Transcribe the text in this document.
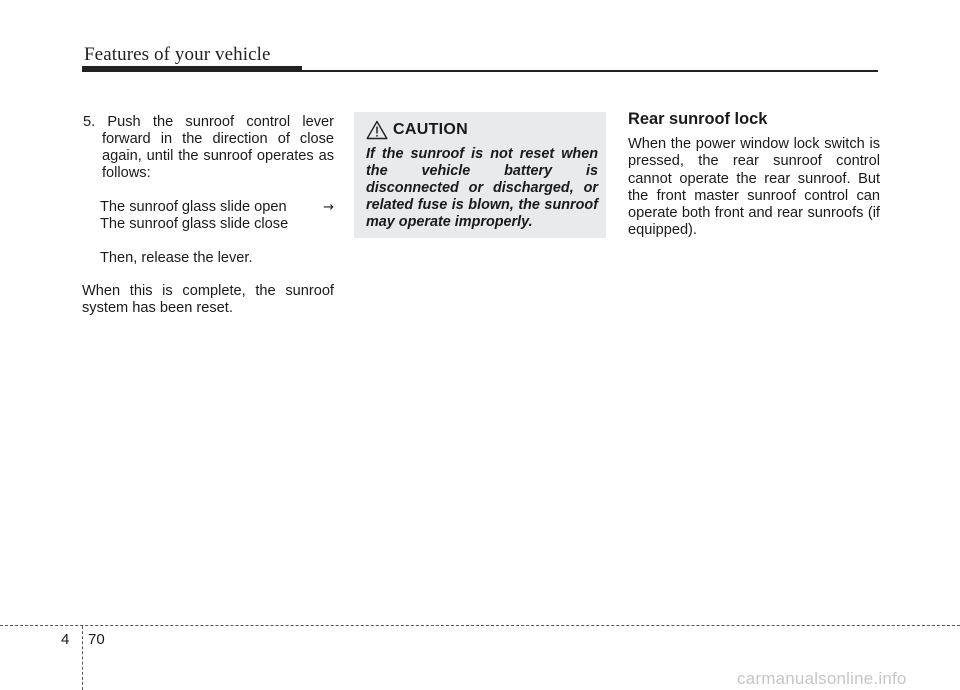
Features of your vehicle

5. Push the sunroof control lever forward in the direction of close again, until the sunroof operates as follows:

The sunroof glass slide open	→
The sunroof glass slide close

Then, release the lever.

When this is complete, the sunroof system has been reset.

CAUTION
If the sunroof is not reset when the vehicle battery is disconnected or discharged, or related fuse is blown, the sunroof may operate improperly.
Rear sunroof lock

When the power window lock switch is pressed, the rear sunroof control cannot operate the rear sunroof. But the front master sunroof control can operate both front and rear sunroofs (if equipped).

4 70
carmanualsonline.info
